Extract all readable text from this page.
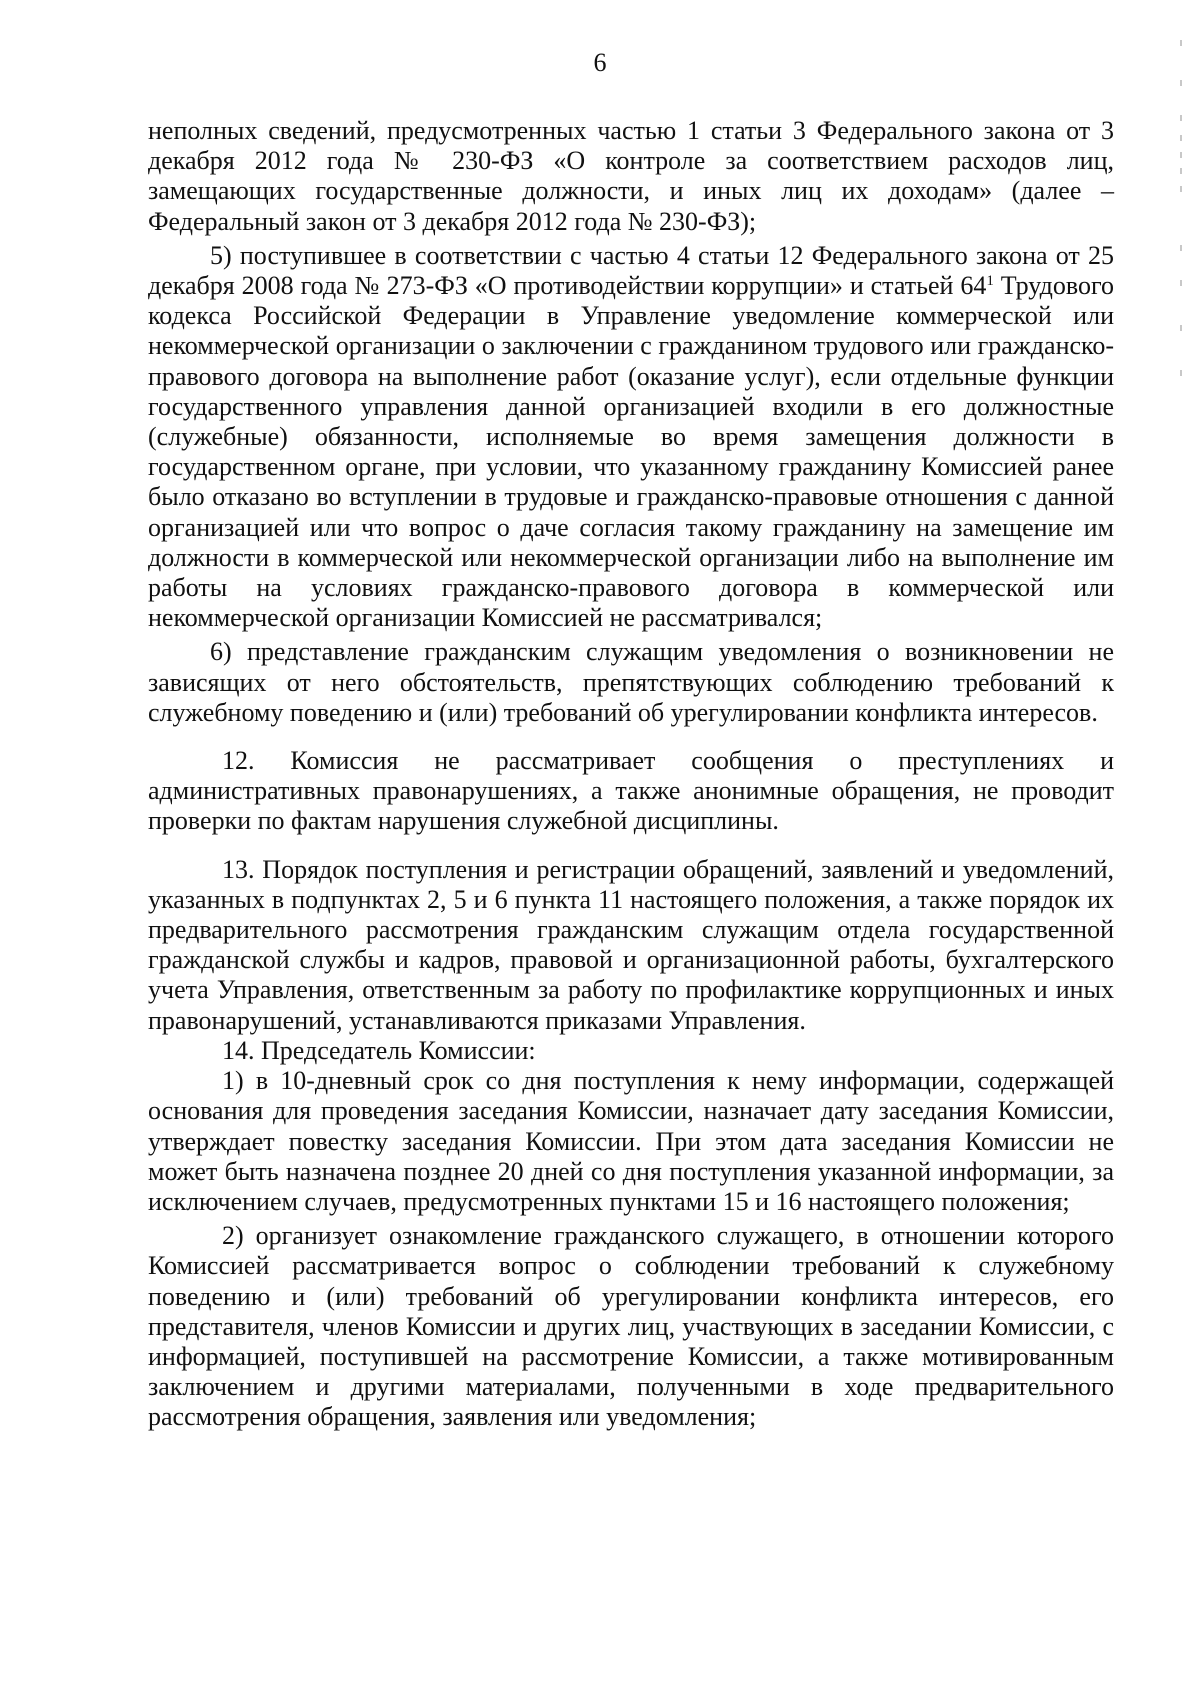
6

неполных сведений, предусмотренных частью 1 статьи 3 Федерального закона от 3 декабря 2012 года № 230-ФЗ «О контроле за соответствием расходов лиц, замещающих государственные должности, и иных лиц их доходам» (далее – Федеральный закон от 3 декабря 2012 года № 230-ФЗ);

5) поступившее в соответствии с частью 4 статьи 12 Федерального закона от 25 декабря 2008 года № 273-ФЗ «О противодействии коррупции» и статьей $64^1$ Трудового кодекса Российской Федерации в Управление уведомление коммерческой или некоммерческой организации о заключении с гражданином трудового или гражданско-правового договора на выполнение работ (оказание услуг), если отдельные функции государственного управления данной организацией входили в его должностные (служебные) обязанности, исполняемые во время замещения должности в государственном органе, при условии, что указанному гражданину Комиссией ранее было отказано во вступлении в трудовые и гражданско-правовые отношения с данной организацией или что вопрос о даче согласия такому гражданину на замещение им должности в коммерческой или некоммерческой организации либо на выполнение им работы на условиях гражданско-правового договора в коммерческой или некоммерческой организации Комиссией не рассматривался;

6) представление гражданским служащим уведомления о возникновении не зависящих от него обстоятельств, препятствующих соблюдению требований к служебному поведению и (или) требований об урегулировании конфликта интересов.

12. Комиссия не рассматривает сообщения о преступлениях и административных правонарушениях, а также анонимные обращения, не проводит проверки по фактам нарушения служебной дисциплины.

13. Порядок поступления и регистрации обращений, заявлений и уведомлений, указанных в подпунктах 2, 5 и 6 пункта 11 настоящего положения, а также порядок их предварительного рассмотрения гражданским служащим отдела государственной гражданской службы и кадров, правовой и организационной работы, бухгалтерского учета Управления, ответственным за работу по профилактике коррупционных и иных правонарушений, устанавливаются приказами Управления.

14. Председатель Комиссии:

1) в 10-дневный срок со дня поступления к нему информации, содержащей основания для проведения заседания Комиссии, назначает дату заседания Комиссии, утверждает повестку заседания Комиссии. При этом дата заседания Комиссии не может быть назначена позднее 20 дней со дня поступления указанной информации, за исключением случаев, предусмотренных пунктами 15 и 16 настоящего положения;

2) организует ознакомление гражданского служащего, в отношении которого Комиссией рассматривается вопрос о соблюдении требований к служебному поведению и (или) требований об урегулировании конфликта интересов, его представителя, членов Комиссии и других лиц, участвующих в заседании Комиссии, с информацией, поступившей на рассмотрение Комиссии, а также мотивированным заключением и другими материалами, полученными в ходе предварительного рассмотрения обращения, заявления или уведомления;
